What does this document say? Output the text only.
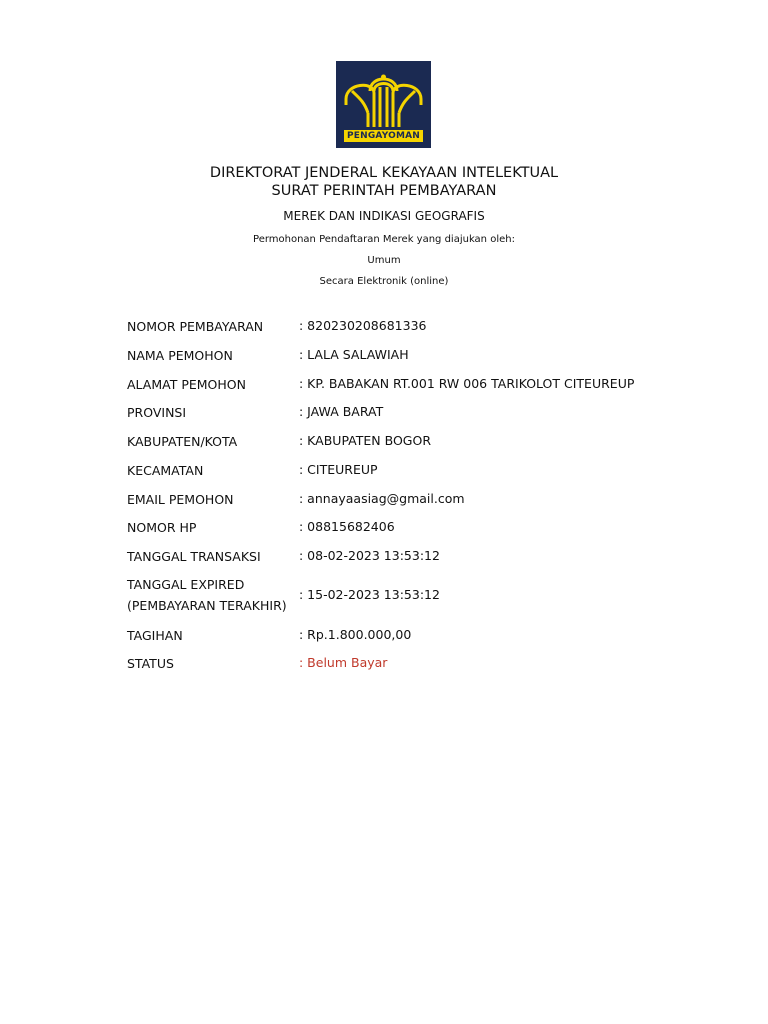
PENGAYOMAN
DIREKTORAT JENDERAL KEKAYAAN INTELEKTUAL
SURAT PERINTAH PEMBAYARAN
MEREK DAN INDIKASI GEOGRAFIS
Permohonan Pendaftaran Merek yang diajukan oleh:
Umum
Secara Elektronik (online)
NOMOR PEMBAYARAN	: 820230208681336
NAMA PEMOHON	: LALA SALAWIAH
ALAMAT PEMOHON	: KP. BABAKAN RT.001 RW 006 TARIKOLOT CITEUREUP
PROVINSI	: JAWA BARAT
KABUPATEN/KOTA	: KABUPATEN BOGOR
KECAMATAN	: CITEUREUP
EMAIL PEMOHON	: annayaasiag@gmail.com
NOMOR HP	: 08815682406
TANGGAL TRANSAKSI	: 08-02-2023 13:53:12
TANGGAL EXPIRED
(PEMBAYARAN TERAKHIR)
: 15-02-2023 13:53:12
TAGIHAN	: Rp.1.800.000,00
STATUS	: Belum Bayar
